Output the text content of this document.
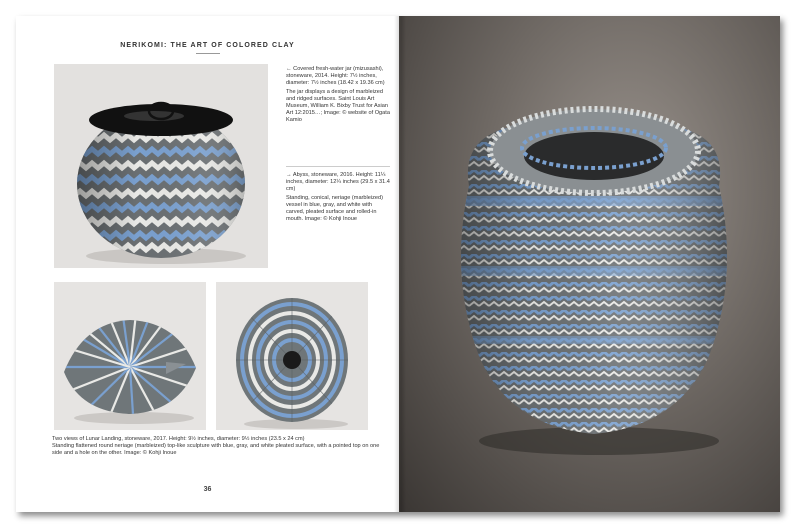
NERIKOMI: THE ART OF COLORED CLAY
← Covered fresh-water jar (mizusashi), stoneware, 2014. Height: 7½ inches, diameter: 7½ inches (18.42 x 19.36 cm)
The jar displays a design of marbleized and ridged surfaces. Saint Louis Art Museum, William K. Bixby Trust for Asian Art 12:2015…; Image: © website of Ogata Kamio
→ Abyss, stoneware, 2016. Height: 11¼ inches, diameter: 12¼ inches (29.5 x 31.4 cm)
Standing, conical, neriage (marbleized) vessel in blue, gray, and white with carved, pleated surface and rolled-in mouth. Image: © Kohji Inoue
Two views of Lunar Landing, stoneware, 2017. Height: 9½ inches, diameter: 9½ inches (23.5 x 24 cm)
Standing flattened round neriage (marbleized) top-like sculpture with blue, gray, and white pleated surface, with a pointed top on one side and a hole on the other. Image: © Kohji Inoue
36
